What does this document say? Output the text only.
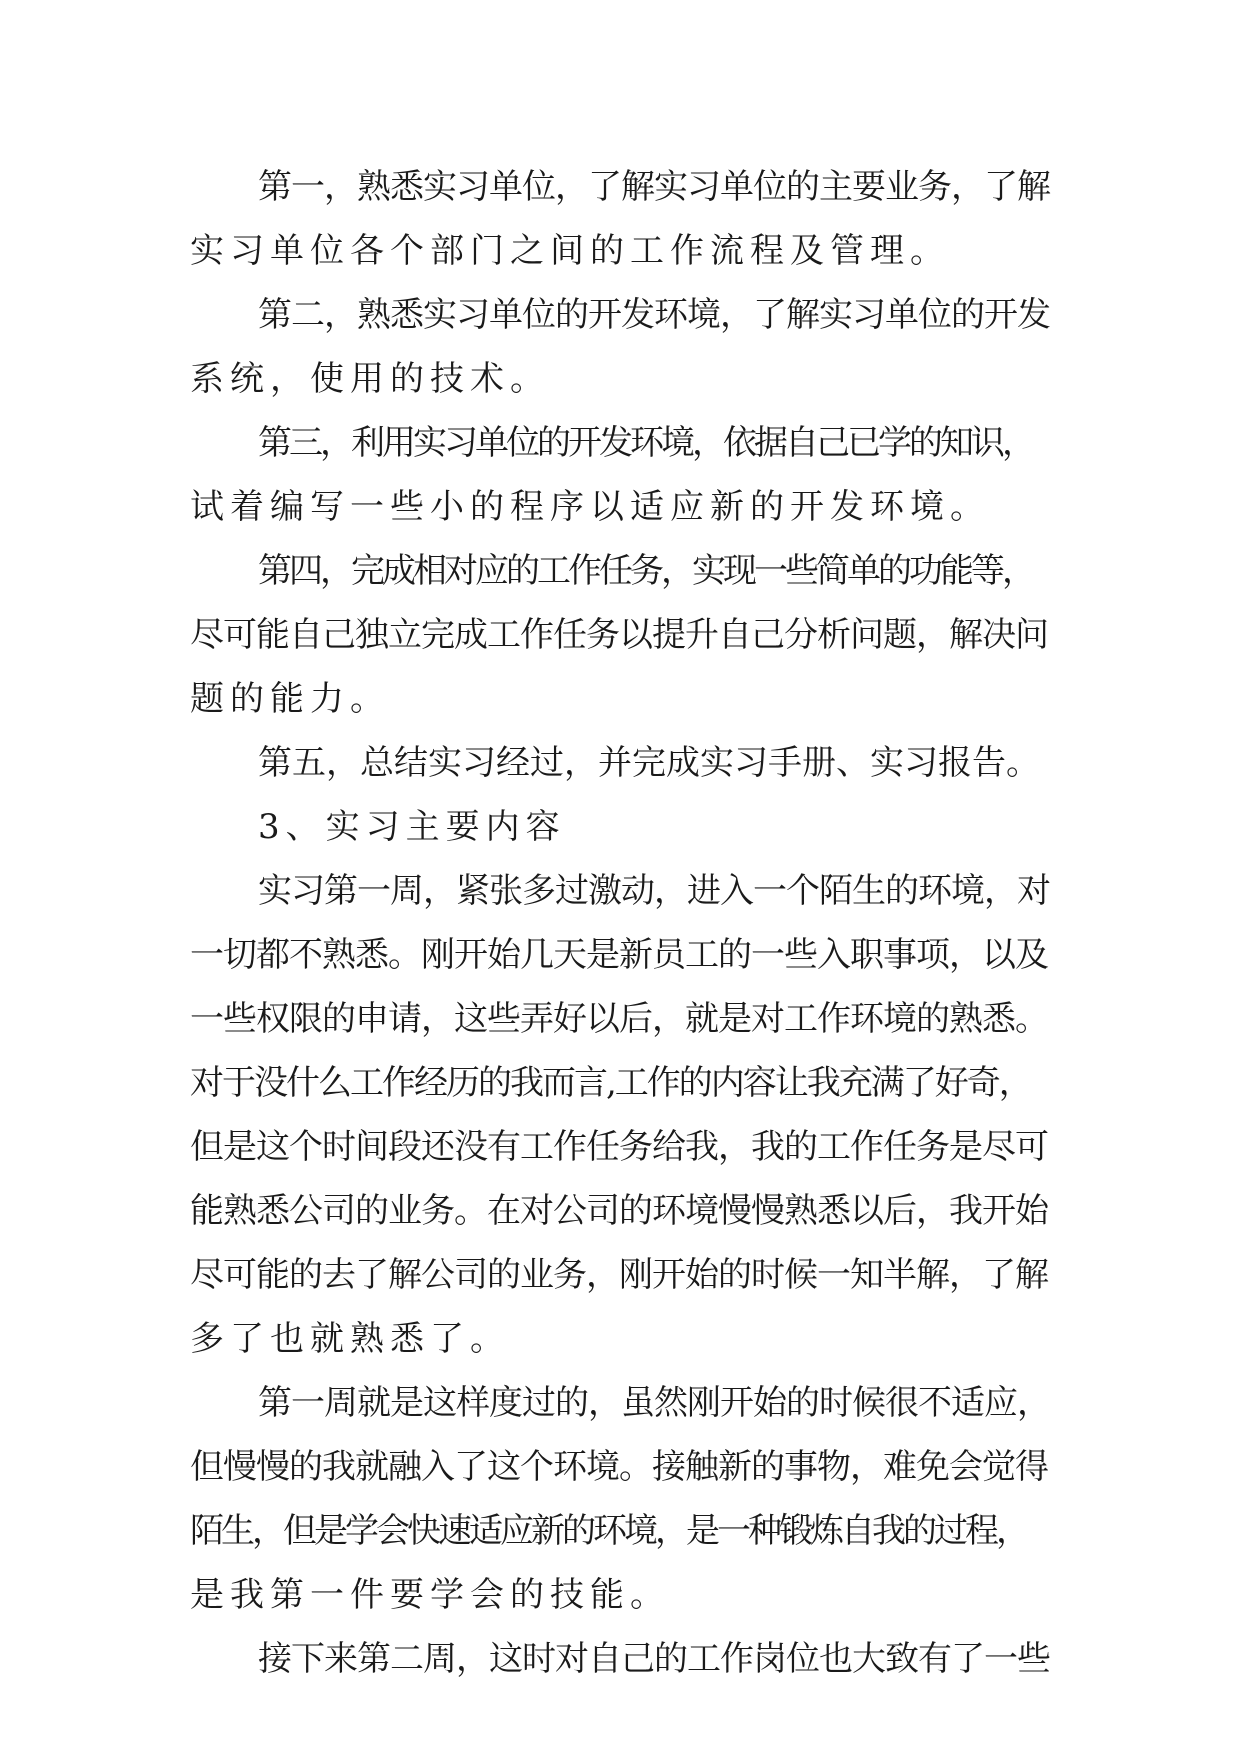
第一，熟悉实习单位，了解实习单位的主要业务，了解
实习单位各个部门之间的工作流程及管理。
第二，熟悉实习单位的开发环境，了解实习单位的开发
系统，使用的技术。
第三，利用实习单位的开发环境，依据自己已学的知识，
试着编写一些小的程序以适应新的开发环境。
第四，完成相对应的工作任务，实现一些简单的功能等，
尽可能自己独立完成工作任务以提升自己分析问题，解决问
题的能力。
第五，总结实习经过，并完成实习手册、实习报告。
3、实习主要内容
实习第一周，紧张多过激动，进入一个陌生的环境，对
一切都不熟悉。刚开始几天是新员工的一些入职事项，以及
一些权限的申请，这些弄好以后，就是对工作环境的熟悉。
对于没什么工作经历的我而言,工作的内容让我充满了好奇，
但是这个时间段还没有工作任务给我，我的工作任务是尽可
能熟悉公司的业务。在对公司的环境慢慢熟悉以后，我开始
尽可能的去了解公司的业务，刚开始的时候一知半解，了解
多了也就熟悉了。
第一周就是这样度过的，虽然刚开始的时候很不适应，
但慢慢的我就融入了这个环境。接触新的事物，难免会觉得
陌生，但是学会快速适应新的环境，是一种锻炼自我的过程，
是我第一件要学会的技能。
接下来第二周，这时对自己的工作岗位也大致有了一些
